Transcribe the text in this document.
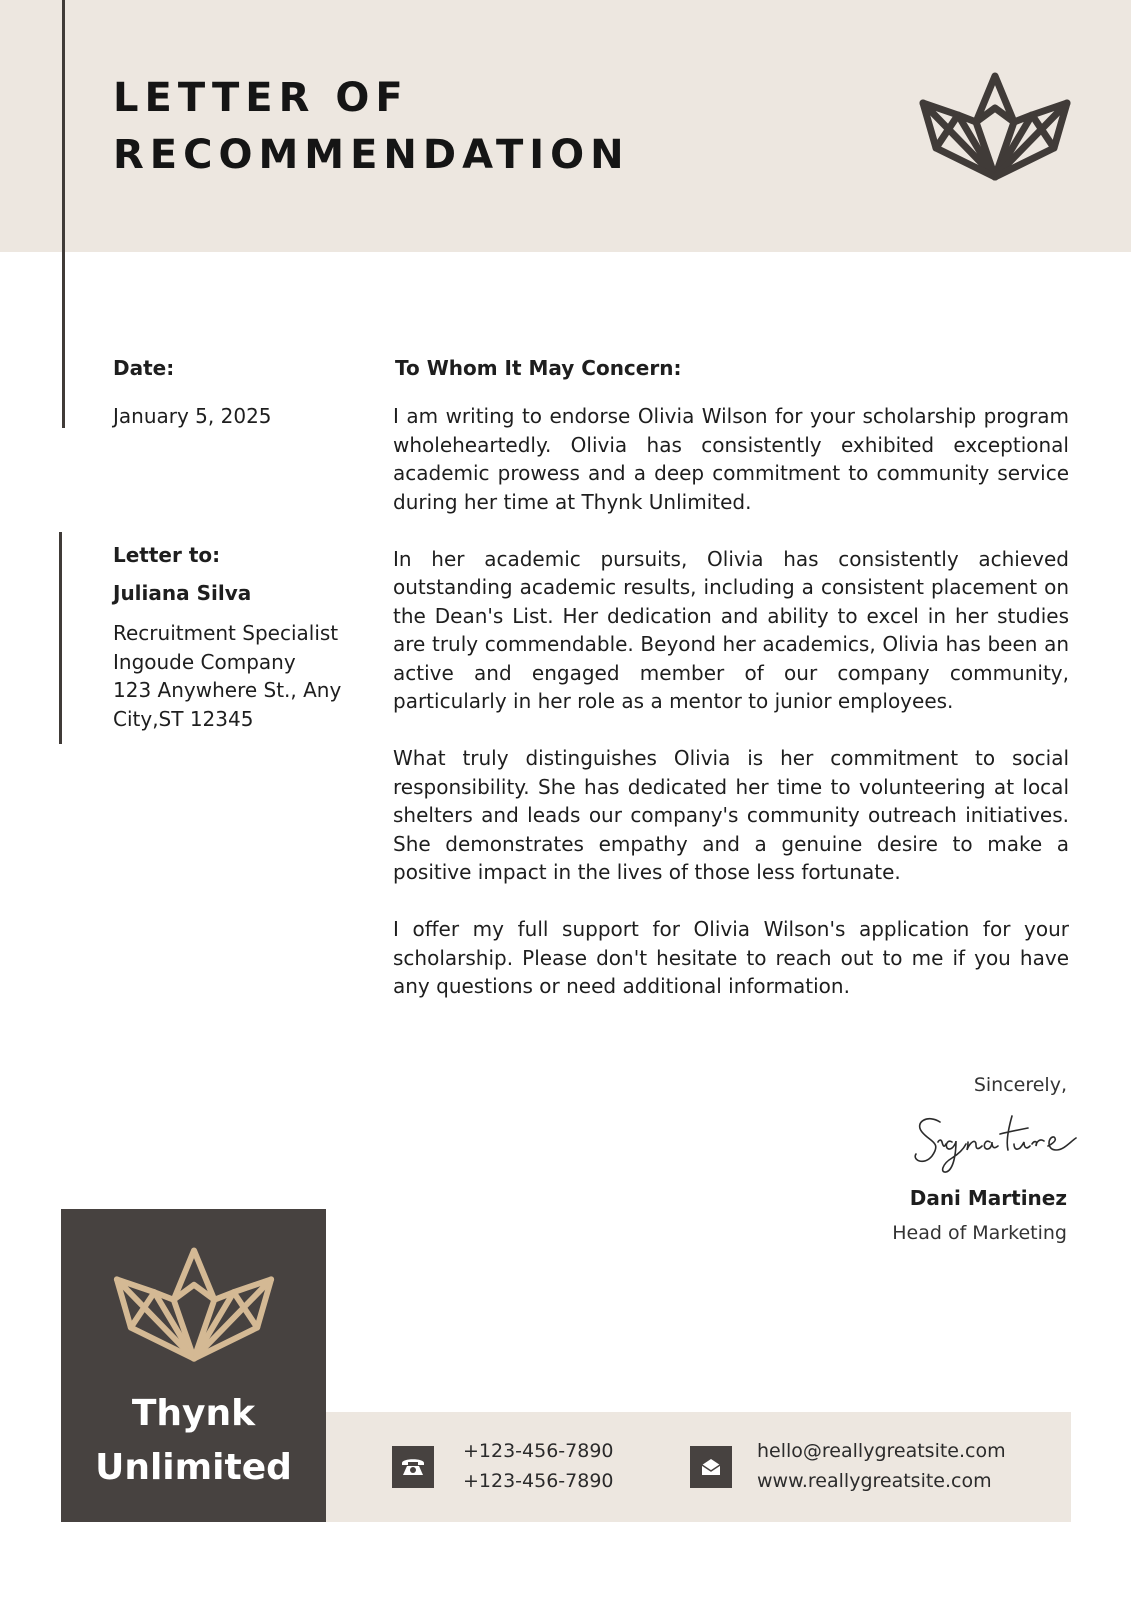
LETTER OF
RECOMMENDATION
Date:
January 5, 2025
Letter to:
Juliana Silva
Recruitment Specialist
Ingoude Company
123 Anywhere St., Any
City,ST 12345
To Whom It May Concern:

I am writing to endorse Olivia Wilson for your scholarship program wholeheartedly. Olivia has consistently exhibited exceptional academic prowess and a deep commitment to community service during her time at Thynk Unlimited.

In her academic pursuits, Olivia has consistently achieved outstanding academic results, including a consistent placement on the Dean's List. Her dedication and ability to excel in her studies are truly commendable. Beyond her academics, Olivia has been an active and engaged member of our company community, particularly in her role as a mentor to junior employees.

What truly distinguishes Olivia is her commitment to social responsibility. She has dedicated her time to volunteering at local shelters and leads our company's community outreach initiatives. She demonstrates empathy and a genuine desire to make a positive impact in the lives of those less fortunate.

I offer my full support for Olivia Wilson's application for your scholarship. Please don't hesitate to reach out to me if you have any questions or need additional information.

Sincerely,
Dani Martinez
Head of Marketing
Thynk
Unlimited	+123-456-7890
+123-456-7890
hello@reallygreatsite.com
www.reallygreatsite.com
